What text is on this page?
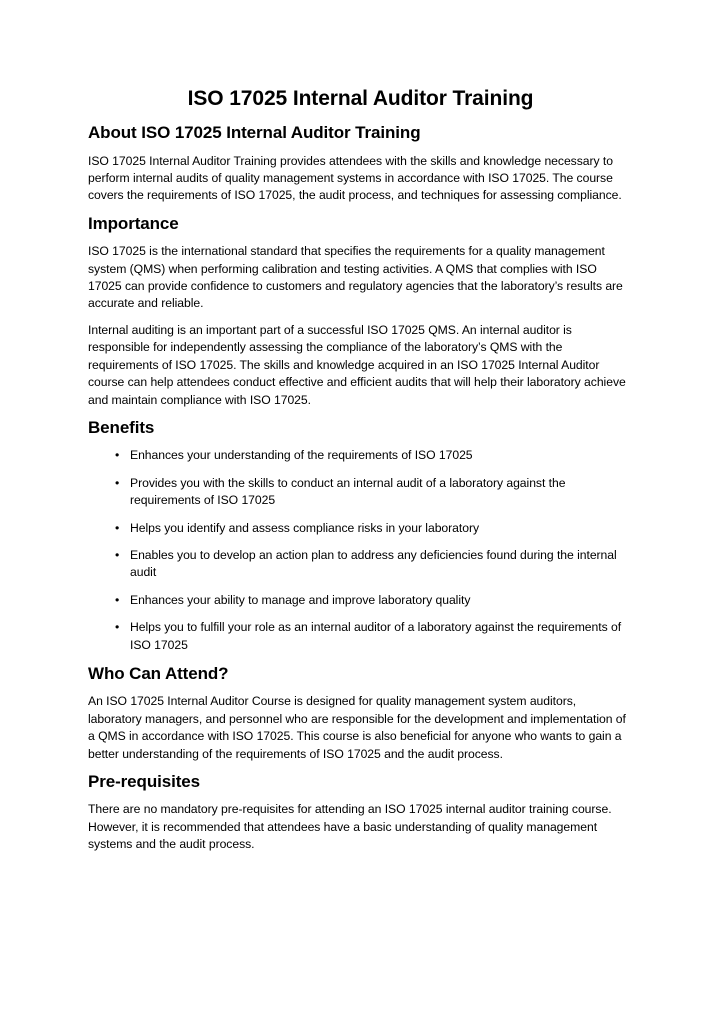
ISO 17025 Internal Auditor Training
About ISO 17025 Internal Auditor Training

ISO 17025 Internal Auditor Training provides attendees with the skills and knowledge necessary to perform internal audits of quality management systems in accordance with ISO 17025. The course covers the requirements of ISO 17025, the audit process, and techniques for assessing compliance.

Importance

ISO 17025 is the international standard that specifies the requirements for a quality management system (QMS) when performing calibration and testing activities. A QMS that complies with ISO 17025 can provide confidence to customers and regulatory agencies that the laboratory’s results are accurate and reliable.

Internal auditing is an important part of a successful ISO 17025 QMS. An internal auditor is responsible for independently assessing the compliance of the laboratory’s QMS with the requirements of ISO 17025. The skills and knowledge acquired in an ISO 17025 Internal Auditor course can help attendees conduct effective and efficient audits that will help their laboratory achieve and maintain compliance with ISO 17025.

Benefits
• Enhances your understanding of the requirements of ISO 17025
• Provides you with the skills to conduct an internal audit of a laboratory against the requirements of ISO 17025
• Helps you identify and assess compliance risks in your laboratory
• Enables you to develop an action plan to address any deficiencies found during the internal audit
• Enhances your ability to manage and improve laboratory quality
• Helps you to fulfill your role as an internal auditor of a laboratory against the requirements of ISO 17025
Who Can Attend?

An ISO 17025 Internal Auditor Course is designed for quality management system auditors, laboratory managers, and personnel who are responsible for the development and implementation of a QMS in accordance with ISO 17025. This course is also beneficial for anyone who wants to gain a better understanding of the requirements of ISO 17025 and the audit process.

Pre-requisites

There are no mandatory pre-requisites for attending an ISO 17025 internal auditor training course. However, it is recommended that attendees have a basic understanding of quality management systems and the audit process.
